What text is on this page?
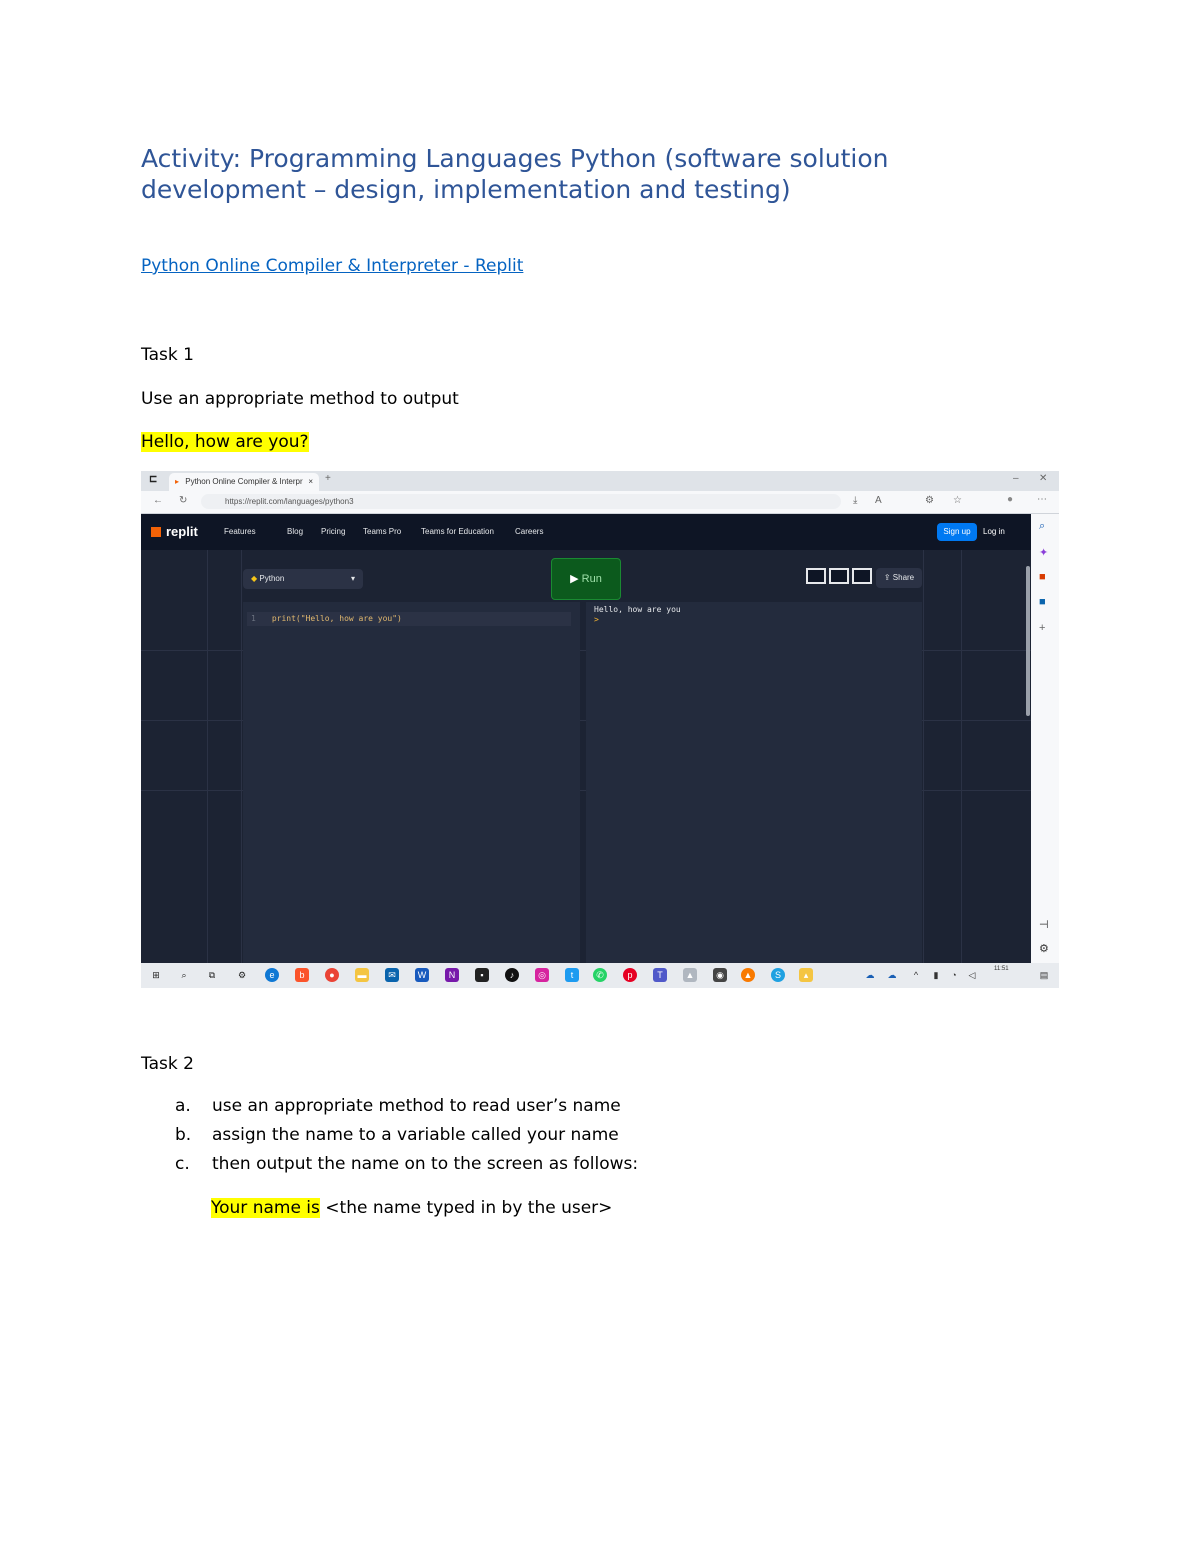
Activity: Programming Languages Python (software solution development – design, implementation and testing)
Python Online Compiler & Interpreter - Replit
Task 1
Use an appropriate method to output
Hello, how are you?
⊏	▸ Python Online Compiler & Interpr × +	– ✕
← ↻	https://replit.com/languages/python3	⤓ A	⚙ ☆	● ⋯
replit	Features	Blog Pricing Teams Pro Teams for Education	Careers	Sign up	Log in
◆ Python	▾	▶ Run	⇪ Share
1 print("Hello, how are you")
Hello, how are you
>
⌕
✦
■
■
+
⊣
⚙
⊞	⌕	⧉	⚙	e	b	●	▬	✉	W	N	▪	♪	◎	t	✆	p	T	▲	◉	▲	S	▴	☁ ☁	^	▮	◔	◁
11:51
▤
Task 2
a. use an appropriate method to read user’s name
b. assign the name to a variable called your name
c. then output the name on to the screen as follows:
Your name is <the name typed in by the user>
